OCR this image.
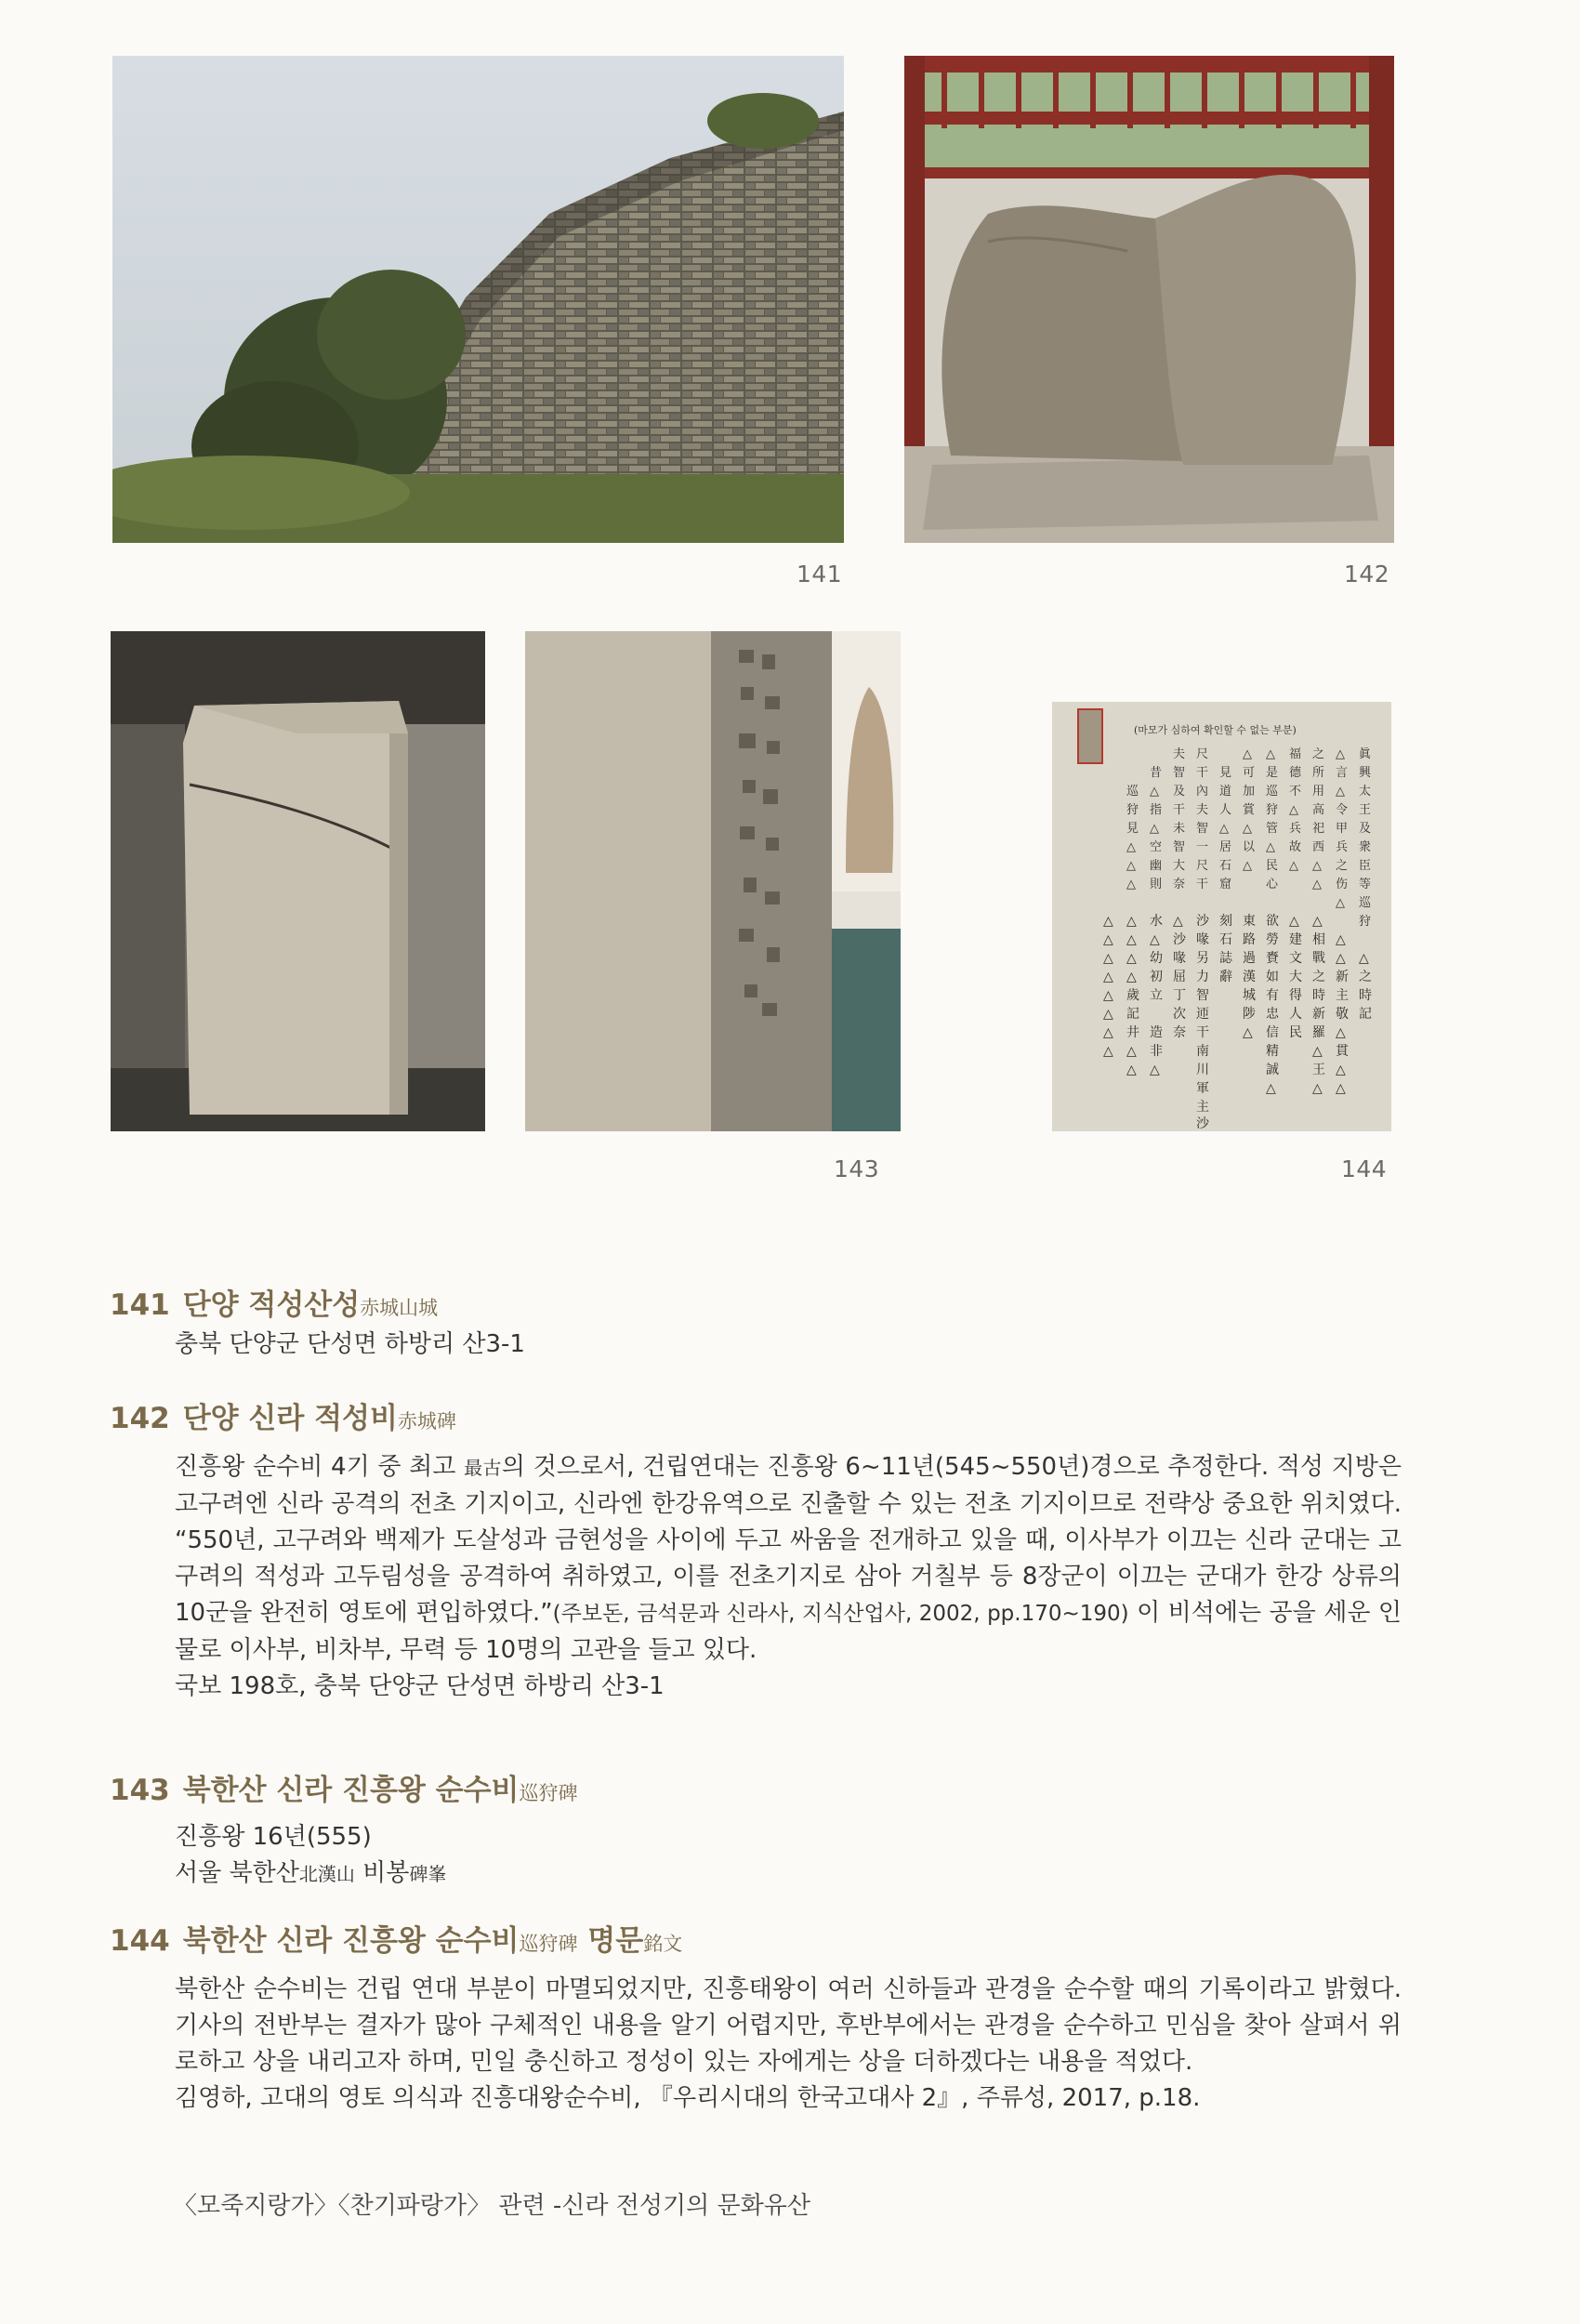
141	142
143
(마모가 심하여 확인할 수 없는 부분)
眞
興
太
王
及
衆
臣
等
巡
狩
△
言
△
令
甲
兵
之
伤
△
之
所
用
高
祀
西
△
△
福
德
不
△
兵
故
△
△
是
巡
狩
管
△
民
心
△
可
加
賞
△
以
△
見
道
人
△
居
石
窟
尺
干
內
夫
智
一
尺
干
夫
智
及
干
未
智
大
奈
昔
△
指
△
空
幽
則
巡
狩
見
△
△
△
△
之
時
記
△
△
新
主
敬
△
貫
△
△
△
相
戰
之
時
新
羅
△
王
△
△
建
文
大
得
人
民
欲
勞
賚
如
有
忠
信
精
誠
△
東
路
過
漢
城
陟
△
刻
石
誌
辭
沙
喙
另
力
智
迊
干
南
川
軍
主
沙
△
沙
喙
屈
丁
次
奈
水
△
幼
初
立
造
非
△
△
△
△
△
歲
記
井
△
△
△
△
△
△
△
△
△
△
144
141 단양 적성산성赤城山城

충북 단양군 단성면 하방리 산3-1

142 단양 신라 적성비赤城碑

진흥왕 순수비 4기 중 최고 最古의 것으로서, 건립연대는 진흥왕 6~11년(545~550년)경으로 추정한다. 적성 지방은 고구려엔 신라 공격의 전초 기지이고, 신라엔 한강유역으로 진출할 수 있는 전초 기지이므로 전략상 중요한 위치였다. “550년, 고구려와 백제가 도살성과 금현성을 사이에 두고 싸움을 전개하고 있을 때, 이사부가 이끄는 신라 군대는 고구려의 적성과 고두림성을 공격하여 취하였고, 이를 전초기지로 삼아 거칠부 등 8장군이 이끄는 군대가 한강 상류의 10군을 완전히 영토에 편입하였다.”(주보돈, 금석문과 신라사, 지식산업사, 2002, pp.170~190) 이 비석에는 공을 세운 인물로 이사부, 비차부, 무력 등 10명의 고관을 들고 있다.

국보 198호, 충북 단양군 단성면 하방리 산3-1

143 북한산 신라 진흥왕 순수비巡狩碑

진흥왕 16년(555)

서울 북한산北漢山 비봉碑峯

144 북한산 신라 진흥왕 순수비巡狩碑 명문銘文

북한산 순수비는 건립 연대 부분이 마멸되었지만, 진흥태왕이 여러 신하들과 관경을 순수할 때의 기록이라고 밝혔다. 기사의 전반부는 결자가 많아 구체적인 내용을 알기 어렵지만, 후반부에서는 관경을 순수하고 민심을 찾아 살펴서 위로하고 상을 내리고자 하며, 민일 충신하고 정성이 있는 자에게는 상을 더하겠다는 내용을 적었다.

김영하, 고대의 영토 의식과 진흥대왕순수비, 『우리시대의 한국고대사 2』, 주류성, 2017, p.18.

〈모죽지랑가〉〈찬기파랑가〉 관련 -신라 전성기의 문화유산
